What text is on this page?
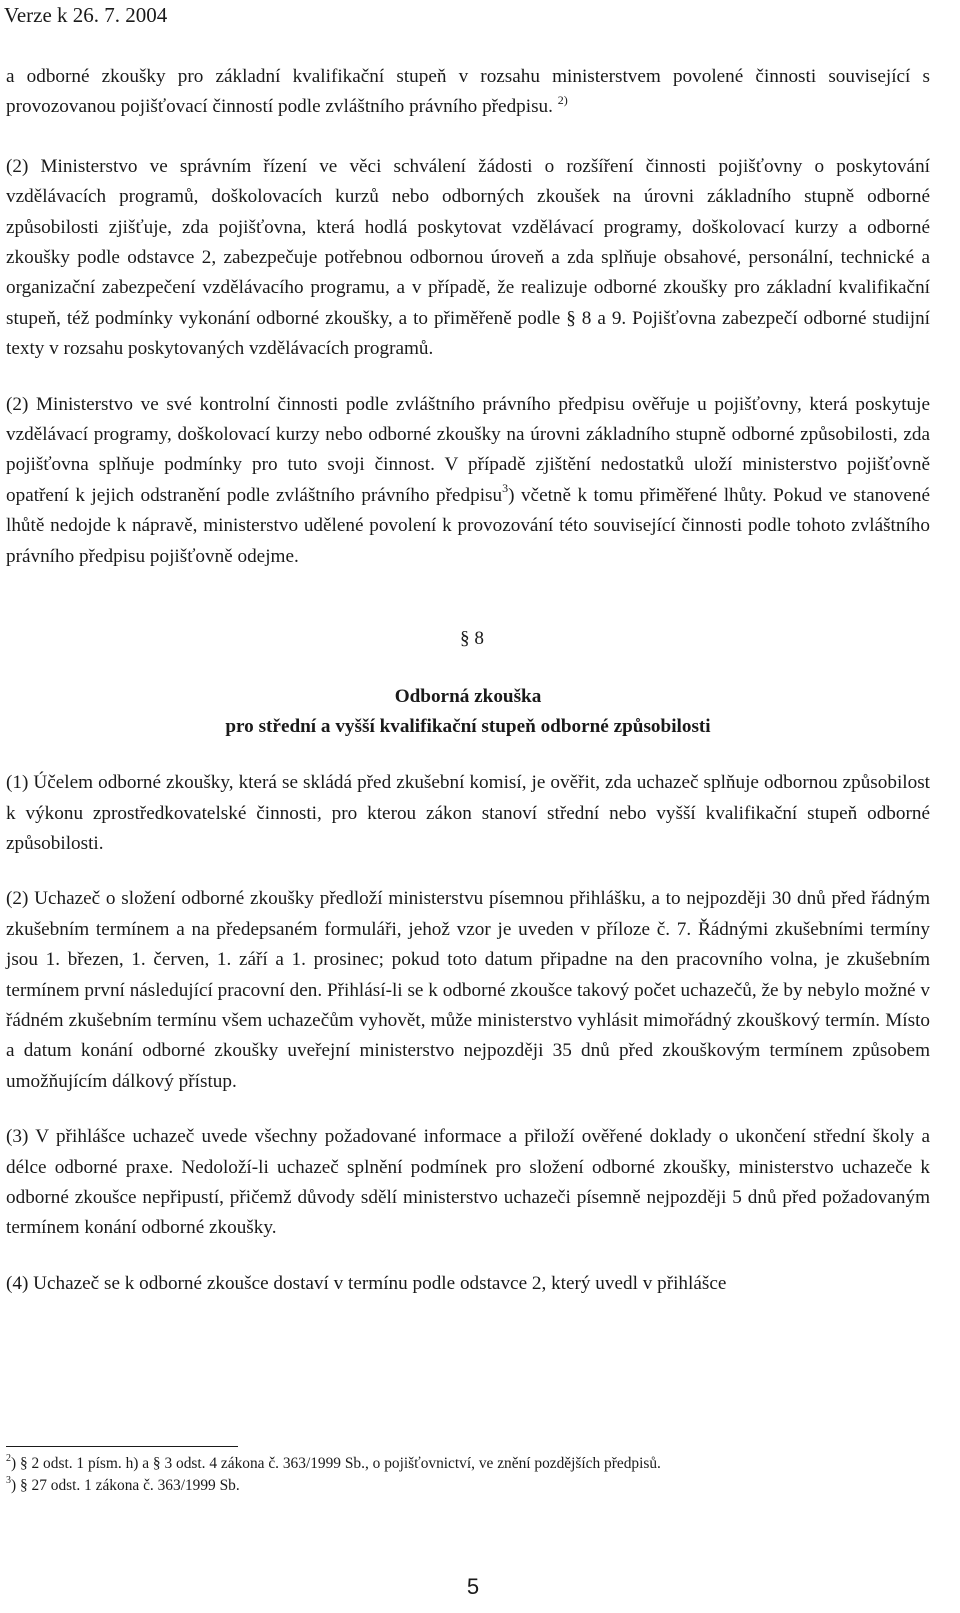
Verze k 26. 7. 2004

a odborné zkoušky pro základní kvalifikační stupeň v rozsahu ministerstvem povolené činnosti související s provozovanou pojišťovací činností podle zvláštního právního předpisu. $^{2)}$

(2) Ministerstvo ve správním řízení ve věci schválení žádosti o rozšíření činnosti pojišťovny o poskytování vzdělávacích programů, doškolovacích kurzů nebo odborných zkoušek na úrovni základního stupně odborné způsobilosti zjišťuje, zda pojišťovna, která hodlá poskytovat vzdělávací programy, doškolovací kurzy a odborné zkoušky podle odstavce 2, zabezpečuje potřebnou odbornou úroveň a zda splňuje obsahové, personální, technické a organizační zabezpečení vzdělávacího programu, a v případě, že realizuje odborné zkoušky pro základní kvalifikační stupeň, též podmínky vykonání odborné zkoušky, a to přiměřeně podle § 8 a 9. Pojišťovna zabezpečí odborné studijní texty v rozsahu poskytovaných vzdělávacích programů.

(2) Ministerstvo ve své kontrolní činnosti podle zvláštního právního předpisu ověřuje u pojišťovny, která poskytuje vzdělávací programy, doškolovací kurzy nebo odborné zkoušky na úrovni základního stupně odborné způsobilosti, zda pojišťovna splňuje podmínky pro tuto svoji činnost. V případě zjištění nedostatků uloží ministerstvo pojišťovně opatření k jejich odstranění podle zvláštního právního předpisu$^3$) včetně k tomu přiměřené lhůty. Pokud ve stanovené lhůtě nedojde k nápravě, ministerstvo udělené povolení k provozování této související činnosti podle tohoto zvláštního právního předpisu pojišťovně odejme.

§ 8

Odborná zkouška

pro střední a vyšší kvalifikační stupeň odborné způsobilosti

(1) Účelem odborné zkoušky, která se skládá před zkušební komisí, je ověřit, zda uchazeč splňuje odbornou způsobilost k výkonu zprostředkovatelské činnosti, pro kterou zákon stanoví střední nebo vyšší kvalifikační stupeň odborné způsobilosti.

(2) Uchazeč o složení odborné zkoušky předloží ministerstvu písemnou přihlášku, a to nejpozději 30 dnů před řádným zkušebním termínem a na předepsaném formuláři, jehož vzor je uveden v příloze č. 7. Řádnými zkušebními termíny jsou 1. březen, 1. červen, 1. září a 1. prosinec; pokud toto datum připadne na den pracovního volna, je zkušebním termínem první následující pracovní den. Přihlásí-li se k odborné zkoušce takový počet uchazečů, že by nebylo možné v řádném zkušebním termínu všem uchazečům vyhovět, může ministerstvo vyhlásit mimořádný zkouškový termín. Místo a datum konání odborné zkoušky uveřejní ministerstvo nejpozději 35 dnů před zkouškovým termínem způsobem umožňujícím dálkový přístup.

(3) V přihlášce uchazeč uvede všechny požadované informace a přiloží ověřené doklady o ukončení střední školy a délce odborné praxe. Nedoloží-li uchazeč splnění podmínek pro složení odborné zkoušky, ministerstvo uchazeče k odborné zkoušce nepřipustí, přičemž důvody sdělí ministerstvo uchazeči písemně nejpozději 5 dnů před požadovaným termínem konání odborné zkoušky.

(4) Uchazeč se k odborné zkoušce dostaví v termínu podle odstavce 2, který uvedl v přihlášce

$^2$) § 2 odst. 1 písm. h) a § 3 odst. 4 zákona č. 363/1999 Sb., o pojišťovnictví, ve znění pozdějších předpisů.
$^3$) § 27 odst. 1 zákona č. 363/1999 Sb.
5
